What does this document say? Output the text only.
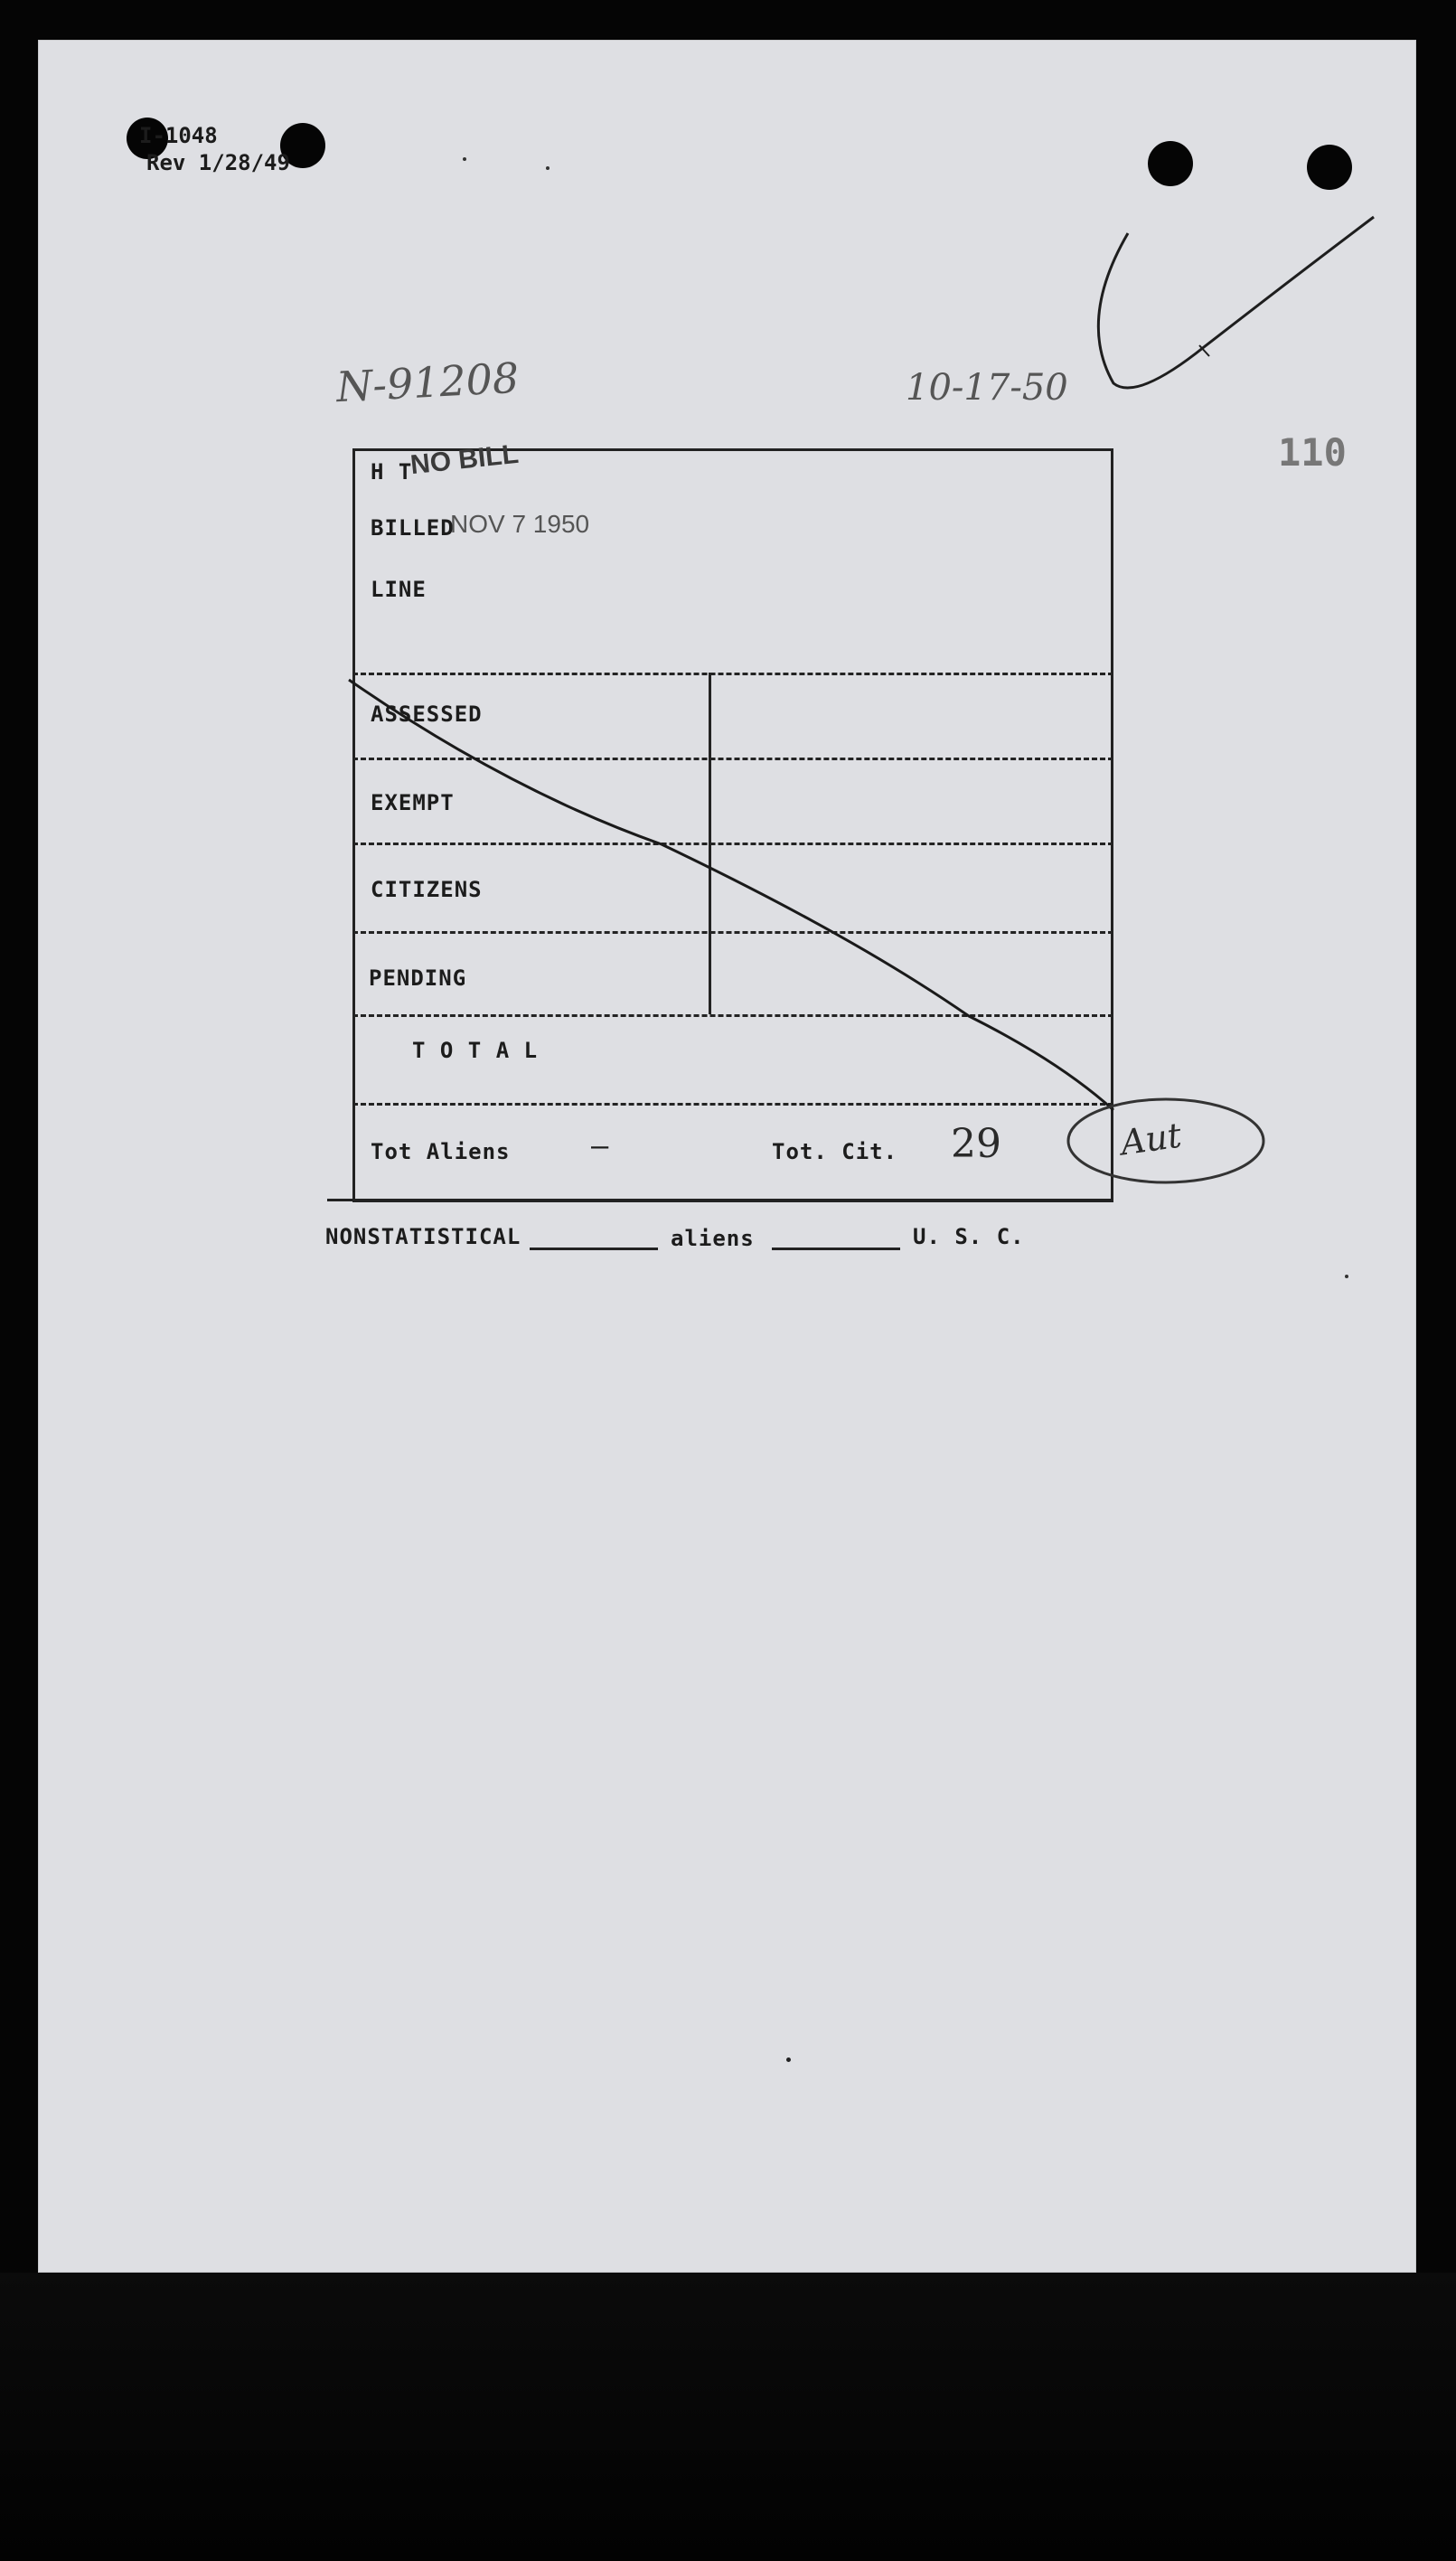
I-1048
Rev 1/28/49
N-91208	10-17-50
110
H T
NO BILL
BILLED
NOV 7 1950
LINE
ASSESSED
EXEMPT
CITIZENS
PENDING
T O T A L
Tot Aliens	—	Tot. Cit. 29	Aut
NONSTATISTICAL	aliens	U. S. C.
